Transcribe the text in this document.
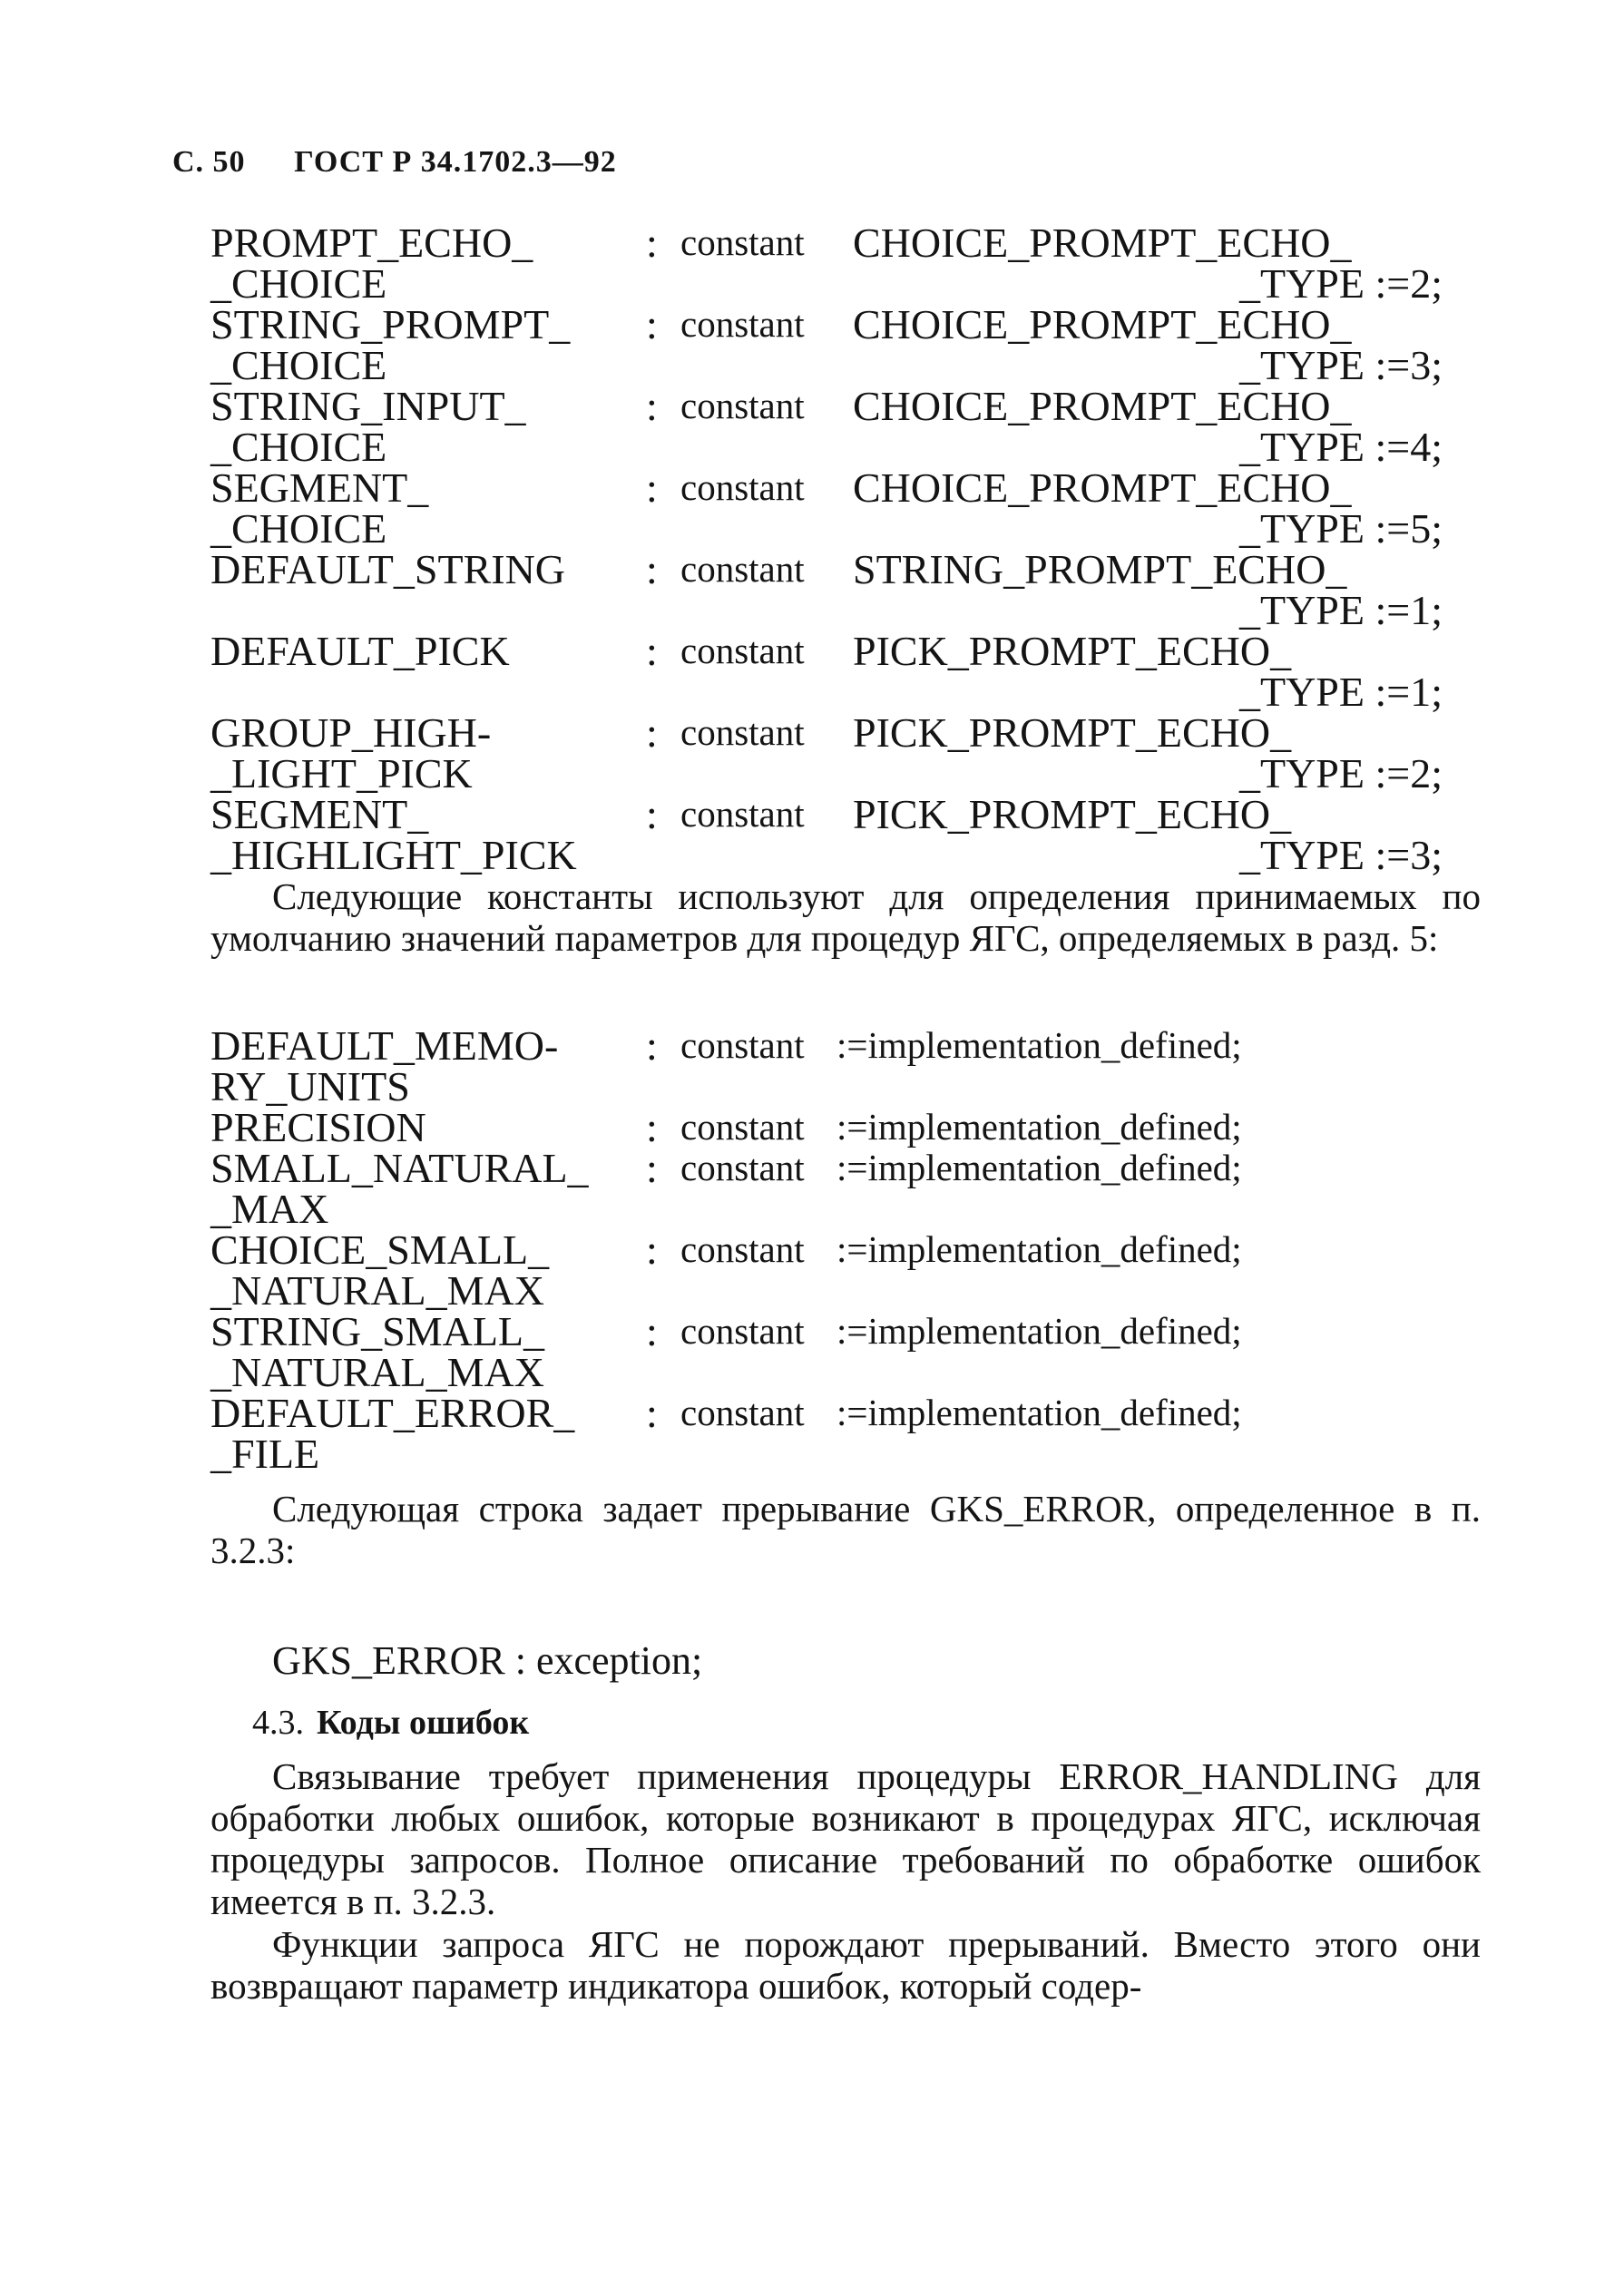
С. 50 ГОСТ Р 34.1702.3—92
PROMPT_ECHO_
_CHOICE
: constant CHOICE_PROMPT_ECHO_
_TYPE :=2;
STRING_PROMPT_
_CHOICE
: constant CHOICE_PROMPT_ECHO_
_TYPE :=3;
STRING_INPUT_
_CHOICE
: constant CHOICE_PROMPT_ECHO_
_TYPE :=4;
SEGMENT_
_CHOICE
: constant CHOICE_PROMPT_ECHO_
_TYPE :=5;
DEFAULT_STRING : constant STRING_PROMPT_ECHO_
_TYPE :=1;
DEFAULT_PICK	: constant PICK_PROMPT_ECHO_
_TYPE :=1;
GROUP_HIGH-
_LIGHT_PICK
: constant PICK_PROMPT_ECHO_
_TYPE :=2;
SEGMENT_
_HIGHLIGHT_PICK
: constant PICK_PROMPT_ECHO_
_TYPE :=3;

Следующие константы используют для определения принимаемых по умолчанию значений параметров для процедур ЯГС, определяемых в разд. 5:

DEFAULT_MEMO-
RY_UNITS
: constant :=implementation_defined;
PRECISION	: constant :=implementation_defined;
SMALL_NATURAL_
_MAX
: constant :=implementation_defined;
CHOICE_SMALL_
_NATURAL_MAX
: constant :=implementation_defined;
STRING_SMALL_
_NATURAL_MAX
: constant :=implementation_defined;
DEFAULT_ERROR_
_FILE
: constant :=implementation_defined;

Следующая строка задает прерывание GKS_ERROR, определенное в п. 3.2.3:

GKS_ERROR : exception;
4.3. Коды ошибок

Связывание требует применения процедуры ERROR_HANDLING для обработки любых ошибок, которые возникают в процедурах ЯГС, исключая процедуры запросов. Полное описание требований по обработке ошибок имеется в п. 3.2.3.

Функции запроса ЯГС не порождают прерываний. Вместо этого они возвращают параметр индикатора ошибок, который содер-
